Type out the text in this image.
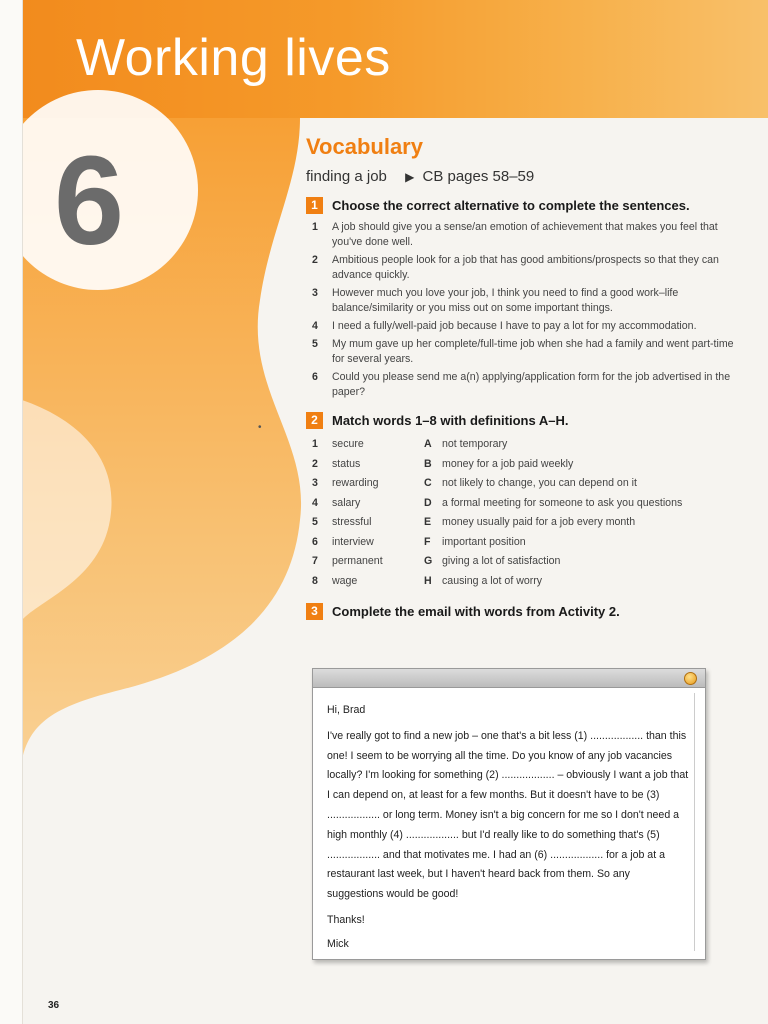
Working lives
6
•
Vocabulary
finding a job ▶ CB pages 58–59
1	Choose the correct alternative to complete the sentences.
1	A job should give you a sense/an emotion of achievement that makes you feel that you've done well.
2	Ambitious people look for a job that has good ambitions/prospects so that they can advance quickly.
3	However much you love your job, I think you need to find a good work–life balance/similarity or you miss out on some important things.
4	I need a fully/well-paid job because I have to pay a lot for my accommodation.
5	My mum gave up her complete/full-time job when she had a family and went part-time for several years.
6	Could you please send me a(n) applying/application form for the job advertised in the paper?
2	Match words 1–8 with definitions A–H.
1	secure	A not temporary
2	status	B money for a job paid weekly
3	rewarding	C not likely to change, you can depend on it
4	salary	D a formal meeting for someone to ask you questions
5	stressful	E	money usually paid for a job every month
6	interview	F	important position
7	permanent	G giving a lot of satisfaction
8	wage	H causing a lot of worry
3	Complete the email with words from Activity 2.

Hi, Brad

I've really got to find a new job – one that's a bit less (1) .................. than this one! I seem to be worrying all the time. Do you know of any job vacancies locally? I'm looking for something (2) .................. – obviously I want a job that I can depend on, at least for a few months. But it doesn't have to be (3) .................. or long term. Money isn't a big concern for me so I don't need a high monthly (4) .................. but I'd really like to do something that's (5) .................. and that motivates me. I had an (6) .................. for a job at a restaurant last week, but I haven't heard back from them. So any suggestions would be good!

Thanks!

Mick

36
